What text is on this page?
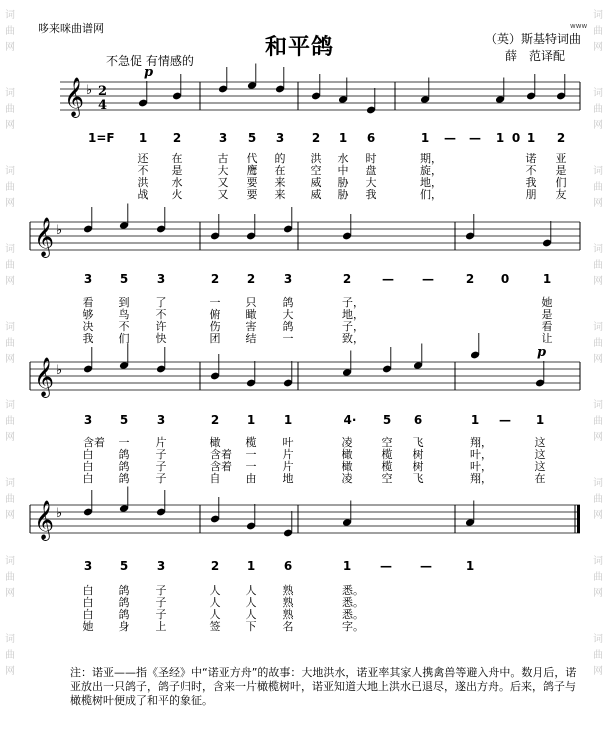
哆来咪曲谱网
和平鸽	（英）斯基特词曲
薛　范译配
www
不急促 有情感的
1=F
𝄞 ♭ 2
4
p
𝄞 ♭
𝄞 ♭
p
𝄞 ♭
1 2	3 5 3 2 1 6	1 — — 1 0 1 2
还 在	古 代 的 洪 水 时	期，	诺 亚
不 是	大 鹰 在 空 中 盘	旋，	不 是
洪 水	又 要 来 威 胁 大	地，	我 们
战 火	又 要 来 威 胁 我	们，	朋 友
3 5 3	2 2 3	2	— —	2 0	1
看 到 了	一 只 鸽	子，	她
够 鸟 不	俯 瞰 大	地，	是
决 不 许	伤 害 鸽	子，	看
我 们 快	团 结 一	致，	让
3 5 3	2 1 1	4· 5 6	1 — 1
含着 一 片	橄 榄 叶	凌	空 飞	翔，	这
白 鸽 子	含着 一 片	橄	榄 树	叶，	这
白 鸽 子	含着 一 片	橄	榄 树	叶，	这
白 鸽 子	自 由 地	凌	空 飞	翔，	在
3 5 3	2 1 6	1 — —	1
白 鸽 子	人 人 熟	悉。
白 鸽 子	人 人 熟	悉。
白 鸽 子	人 人 熟	悉。
她 身 上	签 下 名	字。
注：诺亚——指《圣经》中“诺亚方舟”的故事：大地洪水，诺亚率其家人携禽兽等避入舟中。数月后，诺亚放出一只鸽子，鸽子归时，含来一片橄榄树叶，诺亚知道大地上洪水已退尽，遂出方舟。后来，鸽子与橄榄树叶便成了和平的象征。
词
曲
网
词
曲
网
词
曲
网
词
曲
网
词
曲
网
词
曲
网
词
曲
网
词
曲
网
词
曲
网
词
曲
网
词
曲
网
词
曲
网
词
曲
网
词
曲
网
词
曲
网
词
曲
网
词
曲
网
词
曲
网
